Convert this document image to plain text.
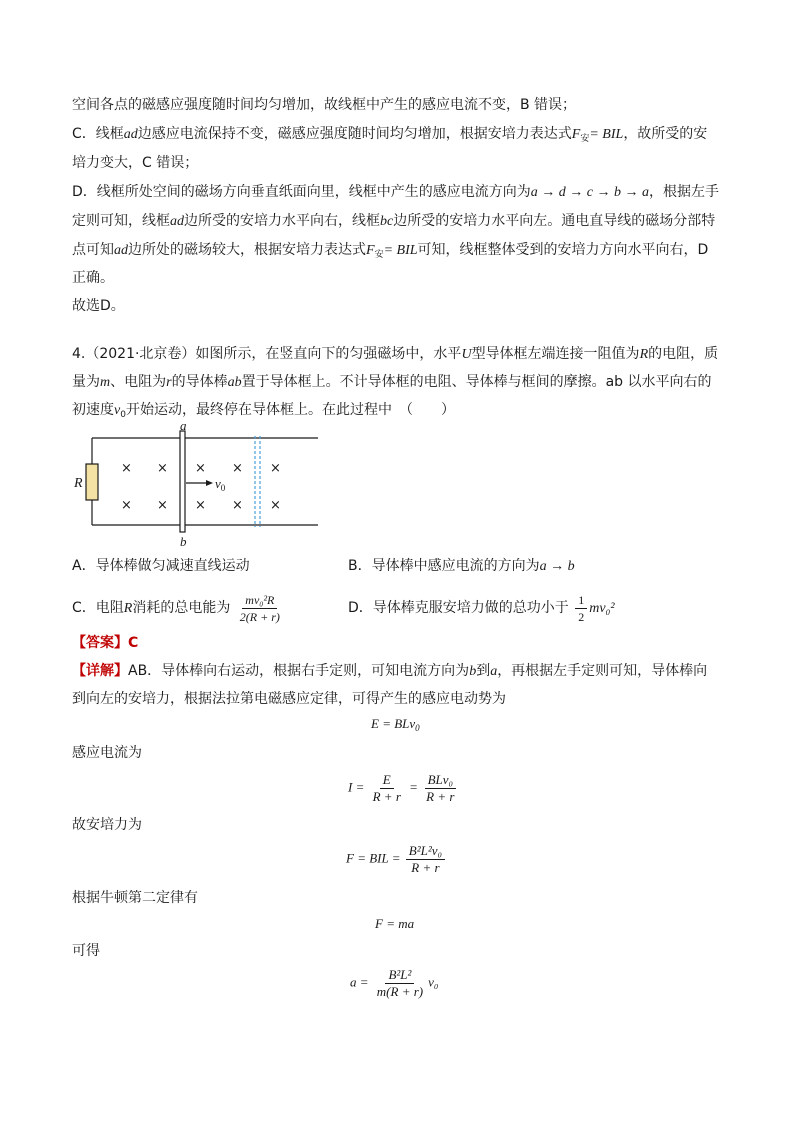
空间各点的磁感应强度随时间均匀增加，故线框中产生的感应电流不变，B 错误；
C．线框ad边感应电流保持不变，磁感应强度随时间均匀增加，根据安培力表达式$F_安=$ BIL，故所受的安
培力变大，C 错误；
D．线框所处空间的磁场方向垂直纸面向里，线框中产生的感应电流方向为a → d → c → b → a，根据左手
定则可知，线框ad边所受的安培力水平向右，线框bc边所受的安培力水平向左。通电直导线的磁场分部特
点可知ad边所处的磁场较大，根据安培力表达式$F_安=$ BIL可知，线框整体受到的安培力方向水平向右，D
正确。
故选D。
4.（2021·北京卷）如图所示，在竖直向下的匀强磁场中，水平U型导体框左端连接一阻值为R的电阻，质
量为m、电阻为r的导体棒ab置于导体框上。不计导体框的电阻、导体棒与框间的摩擦。ab 以水平向右的
初速度$v_0$开始运动，最终停在导体框上。在此过程中　（　　）
R
a
b
$v_0$
× × × × ×
× × × × ×
A．导体棒做匀减速直线运动	B．导体棒中感应电流的方向为a → b
C．电阻R消耗的总电能为 $\frac{\text{mv₀²R}}{2(R + r)}$	D．导体棒克服安培力做的总功小于 $\frac{1}{2} mv_0^2$
【答案】C
【详解】AB．导体棒向右运动，根据右手定则，可知电流方向为b到a，再根据左手定则可知，导体棒向
到向左的安培力，根据法拉第电磁感应定律，可得产生的感应电动势为
E = BLv$_0$
感应电流为
$I = \frac{E}{R + r} = \frac{\text{BLv₀}}{R + r}$
故安培力为
F = BIL = $\frac{\text{B²L²v₀}}{R + r}$
根据牛顿第二定律有
F = ma
可得
$a = \frac{\text{B²L²}}{m(R + r)} v_0$
